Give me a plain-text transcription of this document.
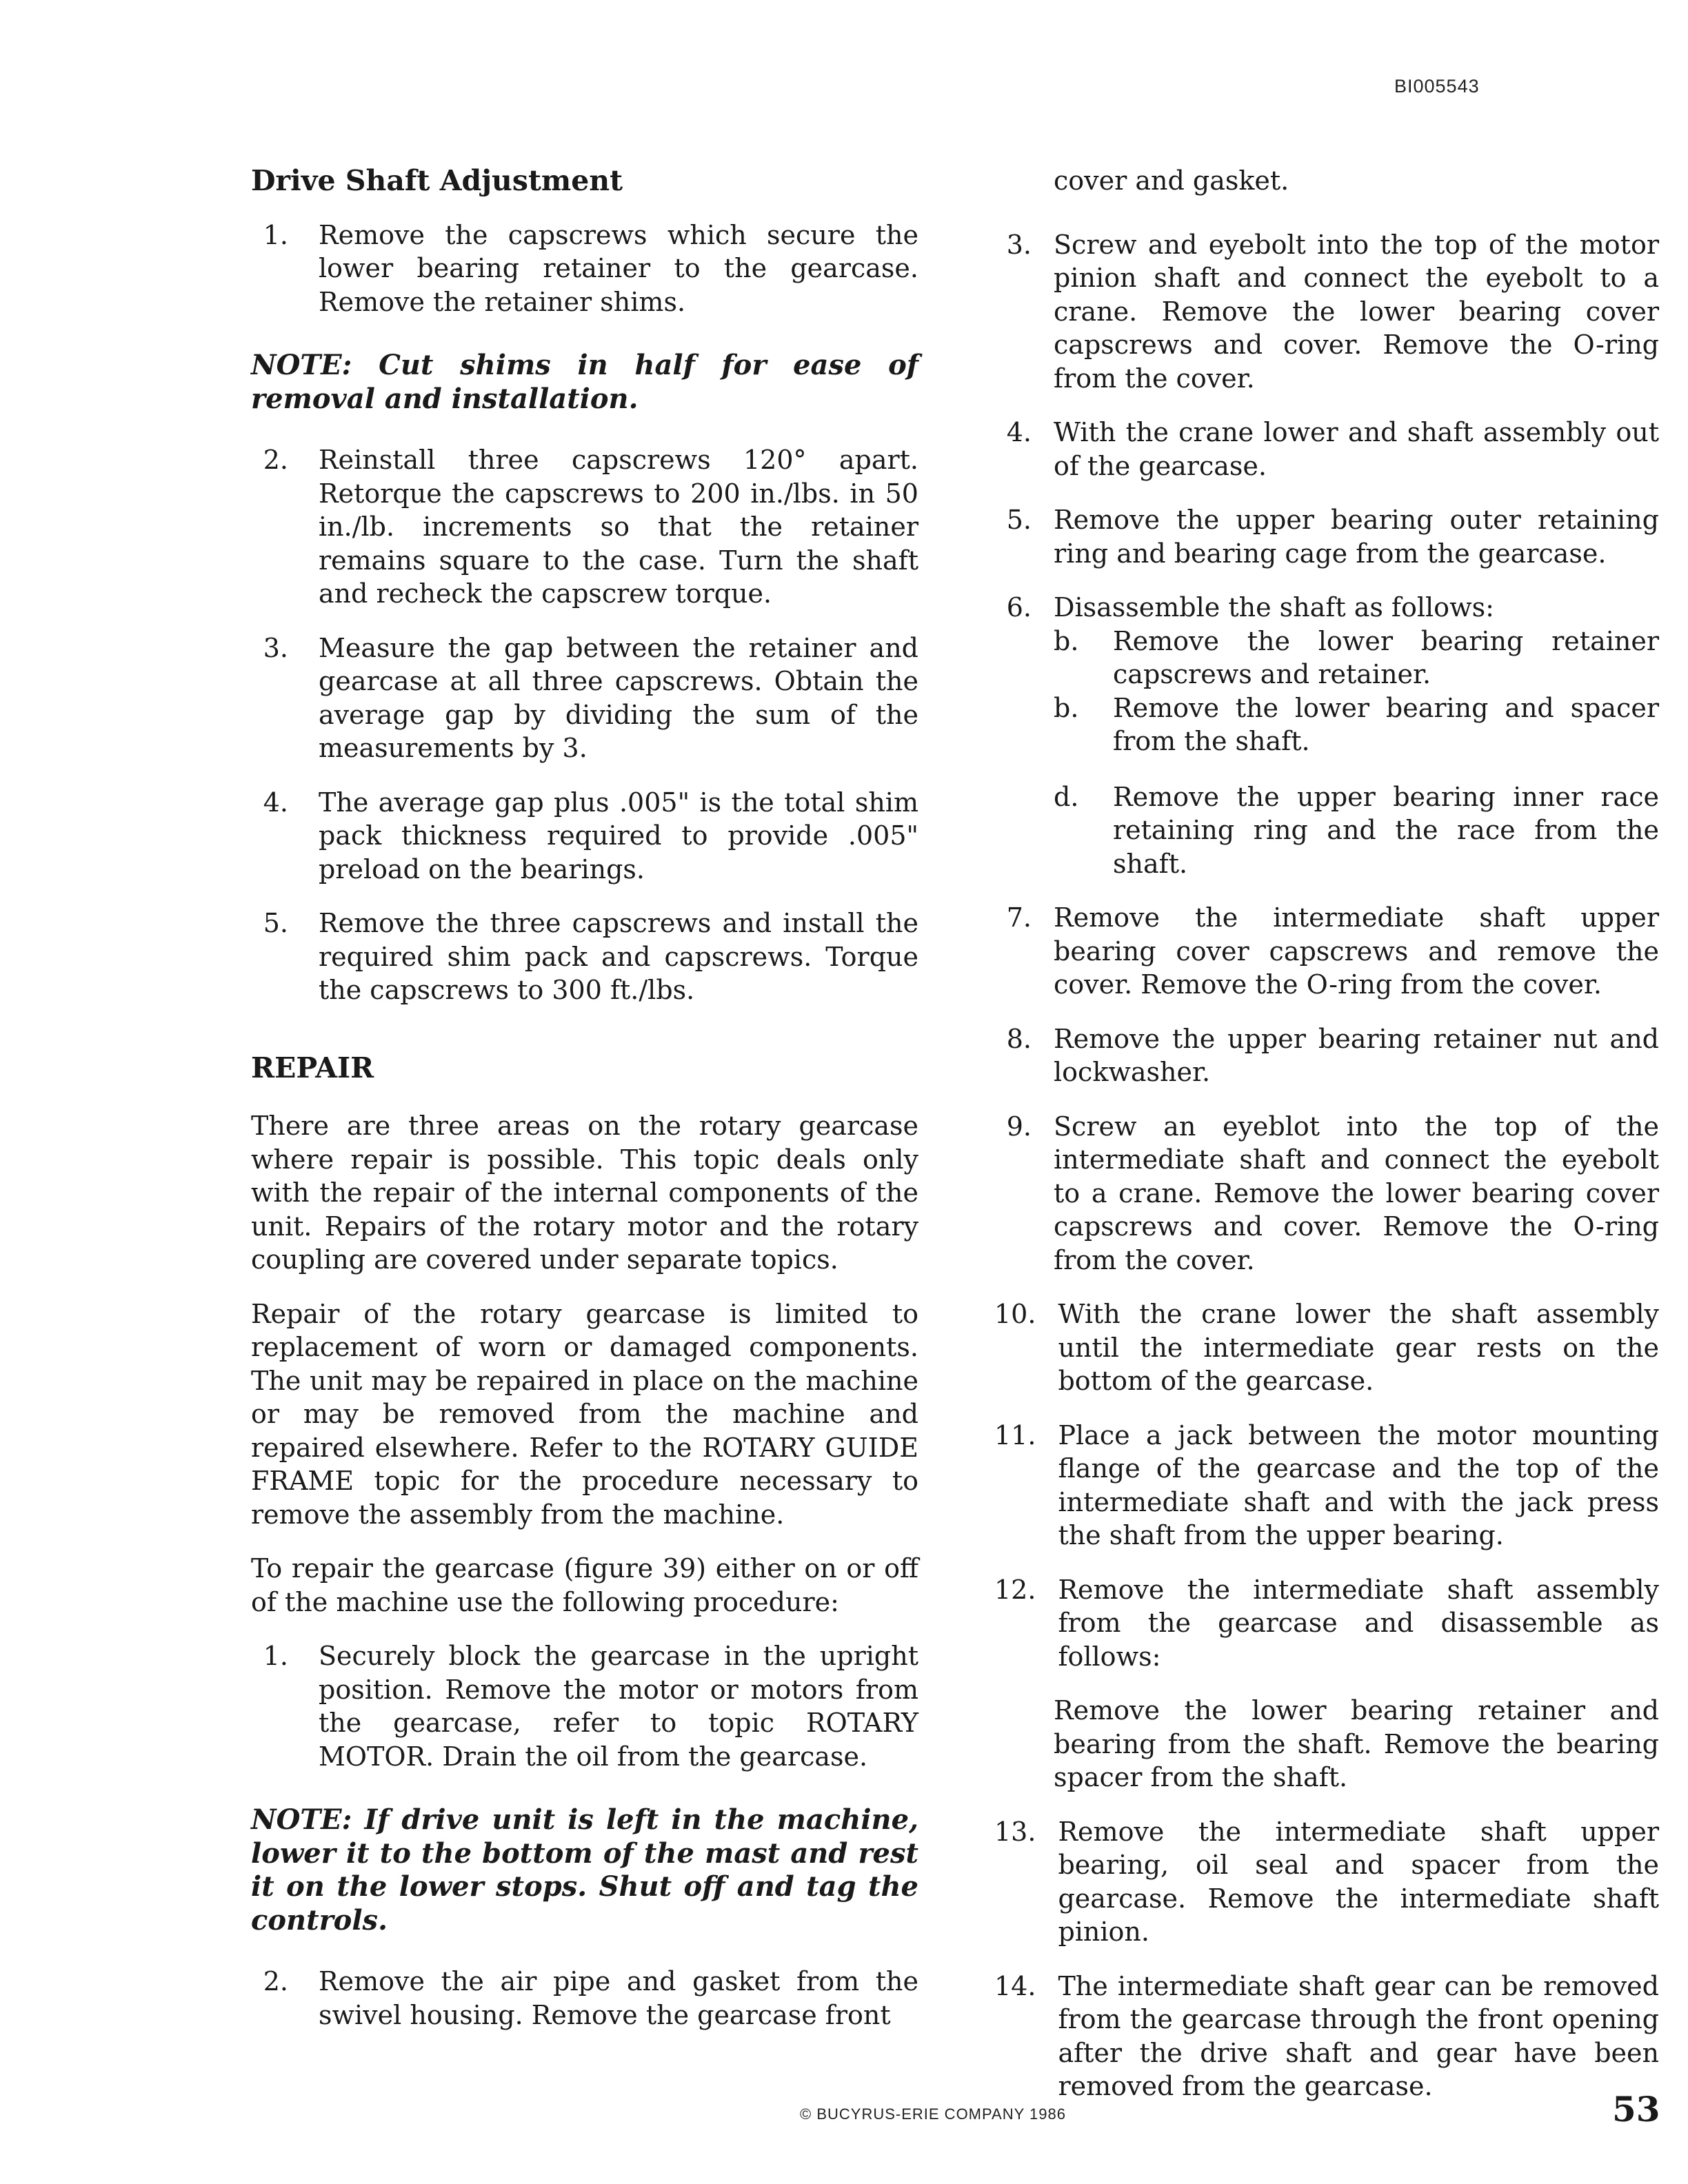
BI005543
Drive Shaft Adjustment
1.	Remove the capscrews which secure the lower bearing retainer to the gearcase. Remove the retainer shims.
NOTE: Cut shims in half for ease of removal and installation.
2.	Reinstall three capscrews 120° apart. Retorque the capscrews to 200 in./lbs. in 50 in./lb. increments so that the retainer remains square to the case. Turn the shaft and recheck the capscrew torque.
3.	Measure the gap between the retainer and gearcase at all three capscrews. Obtain the average gap by dividing the sum of the measurements by 3.
4.	The average gap plus .005" is the total shim pack thickness required to provide .005" preload on the bearings.
5.	Remove the three capscrews and install the required shim pack and capscrews. Torque the capscrews to 300 ft./lbs.
REPAIR
There are three areas on the rotary gearcase where repair is possible. This topic deals only with the repair of the internal components of the unit. Repairs of the rotary motor and the rotary coupling are covered under separate topics.
Repair of the rotary gearcase is limited to replacement of worn or damaged components. The unit may be repaired in place on the machine or may be removed from the machine and repaired elsewhere. Refer to the ROTARY GUIDE FRAME topic for the procedure necessary to remove the assembly from the machine.
To repair the gearcase (figure 39) either on or off of the machine use the following procedure:
1.	Securely block the gearcase in the upright position. Remove the motor or motors from the gearcase, refer to topic ROTARY MOTOR. Drain the oil from the gearcase.
NOTE: If drive unit is left in the machine, lower it to the bottom of the mast and rest it on the lower stops. Shut off and tag the controls.
2.	Remove the air pipe and gasket from the swivel housing. Remove the gearcase front
cover and gasket.
3. Screw and eyebolt into the top of the motor pinion shaft and connect the eyebolt to a crane. Remove the lower bearing cover capscrews and cover. Remove the O-ring from the cover.
4. With the crane lower and shaft assembly out of the gearcase.
5. Remove the upper bearing outer retaining ring and bearing cage from the gearcase.
6. Disassemble the shaft as follows:
b.	Remove the lower bearing retainer capscrews and retainer.
b.	Remove the lower bearing and spacer from the shaft.
d.	Remove the upper bearing inner race retaining ring and the race from the shaft.
7. Remove the intermediate shaft upper bearing cover capscrews and remove the cover. Remove the O-ring from the cover.
8. Remove the upper bearing retainer nut and lockwasher.
9. Screw an eyeblot into the top of the intermediate shaft and connect the eyebolt to a crane. Remove the lower bearing cover capscrews and cover. Remove the O-ring from the cover.
10. With the crane lower the shaft assembly until the intermediate gear rests on the bottom of the gearcase.
11. Place a jack between the motor mounting flange of the gearcase and the top of the intermediate shaft and with the jack press the shaft from the upper bearing.
12. Remove the intermediate shaft assembly from the gearcase and disassemble as follows:
Remove the lower bearing retainer and bearing from the shaft. Remove the bearing spacer from the shaft.
13. Remove the intermediate shaft upper bearing, oil seal and spacer from the gearcase. Remove the intermediate shaft pinion.
14. The intermediate shaft gear can be removed from the gearcase through the front opening after the drive shaft and gear have been removed from the gearcase.
© BUCYRUS-ERIE COMPANY 1986	53
